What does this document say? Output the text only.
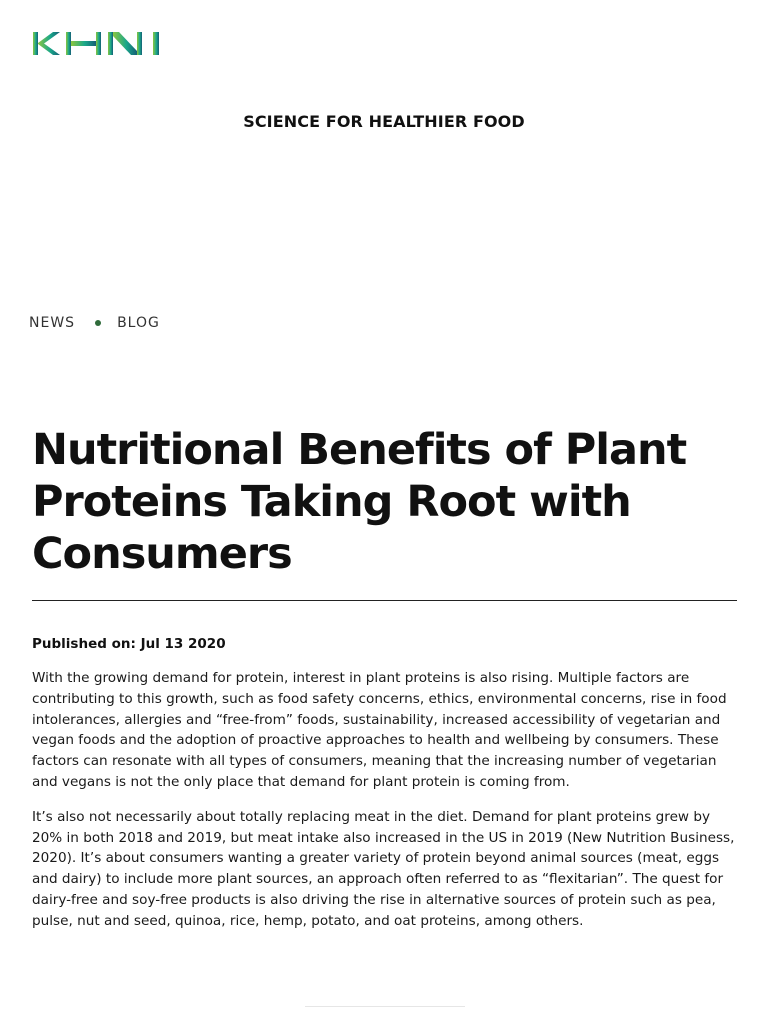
SCIENCE FOR HEALTHIER FOOD
NEWS	BLOG
Nutritional Benefits of Plant Proteins Taking Root with Consumers
Published on: Jul 13 2020

With the growing demand for protein, interest in plant proteins is also rising. Multiple factors are contributing to this growth, such as food safety concerns, ethics, environmental concerns, rise in food intolerances, allergies and “free-from” foods, sustainability, increased accessibility of vegetarian and vegan foods and the adoption of proactive approaches to health and wellbeing by consumers. These factors can resonate with all types of consumers, meaning that the increasing number of vegetarian and vegans is not the only place that demand for plant protein is coming from.

It’s also not necessarily about totally replacing meat in the diet. Demand for plant proteins grew by 20% in both 2018 and 2019, but meat intake also increased in the US in 2019 (New Nutrition Business, 2020). It’s about consumers wanting a greater variety of protein beyond animal sources (meat, eggs and dairy) to include more plant sources, an approach often referred to as “flexitarian”. The quest for dairy-free and soy-free products is also driving the rise in alternative sources of protein such as pea, pulse, nut and seed, quinoa, rice, hemp, potato, and oat proteins, among others.
